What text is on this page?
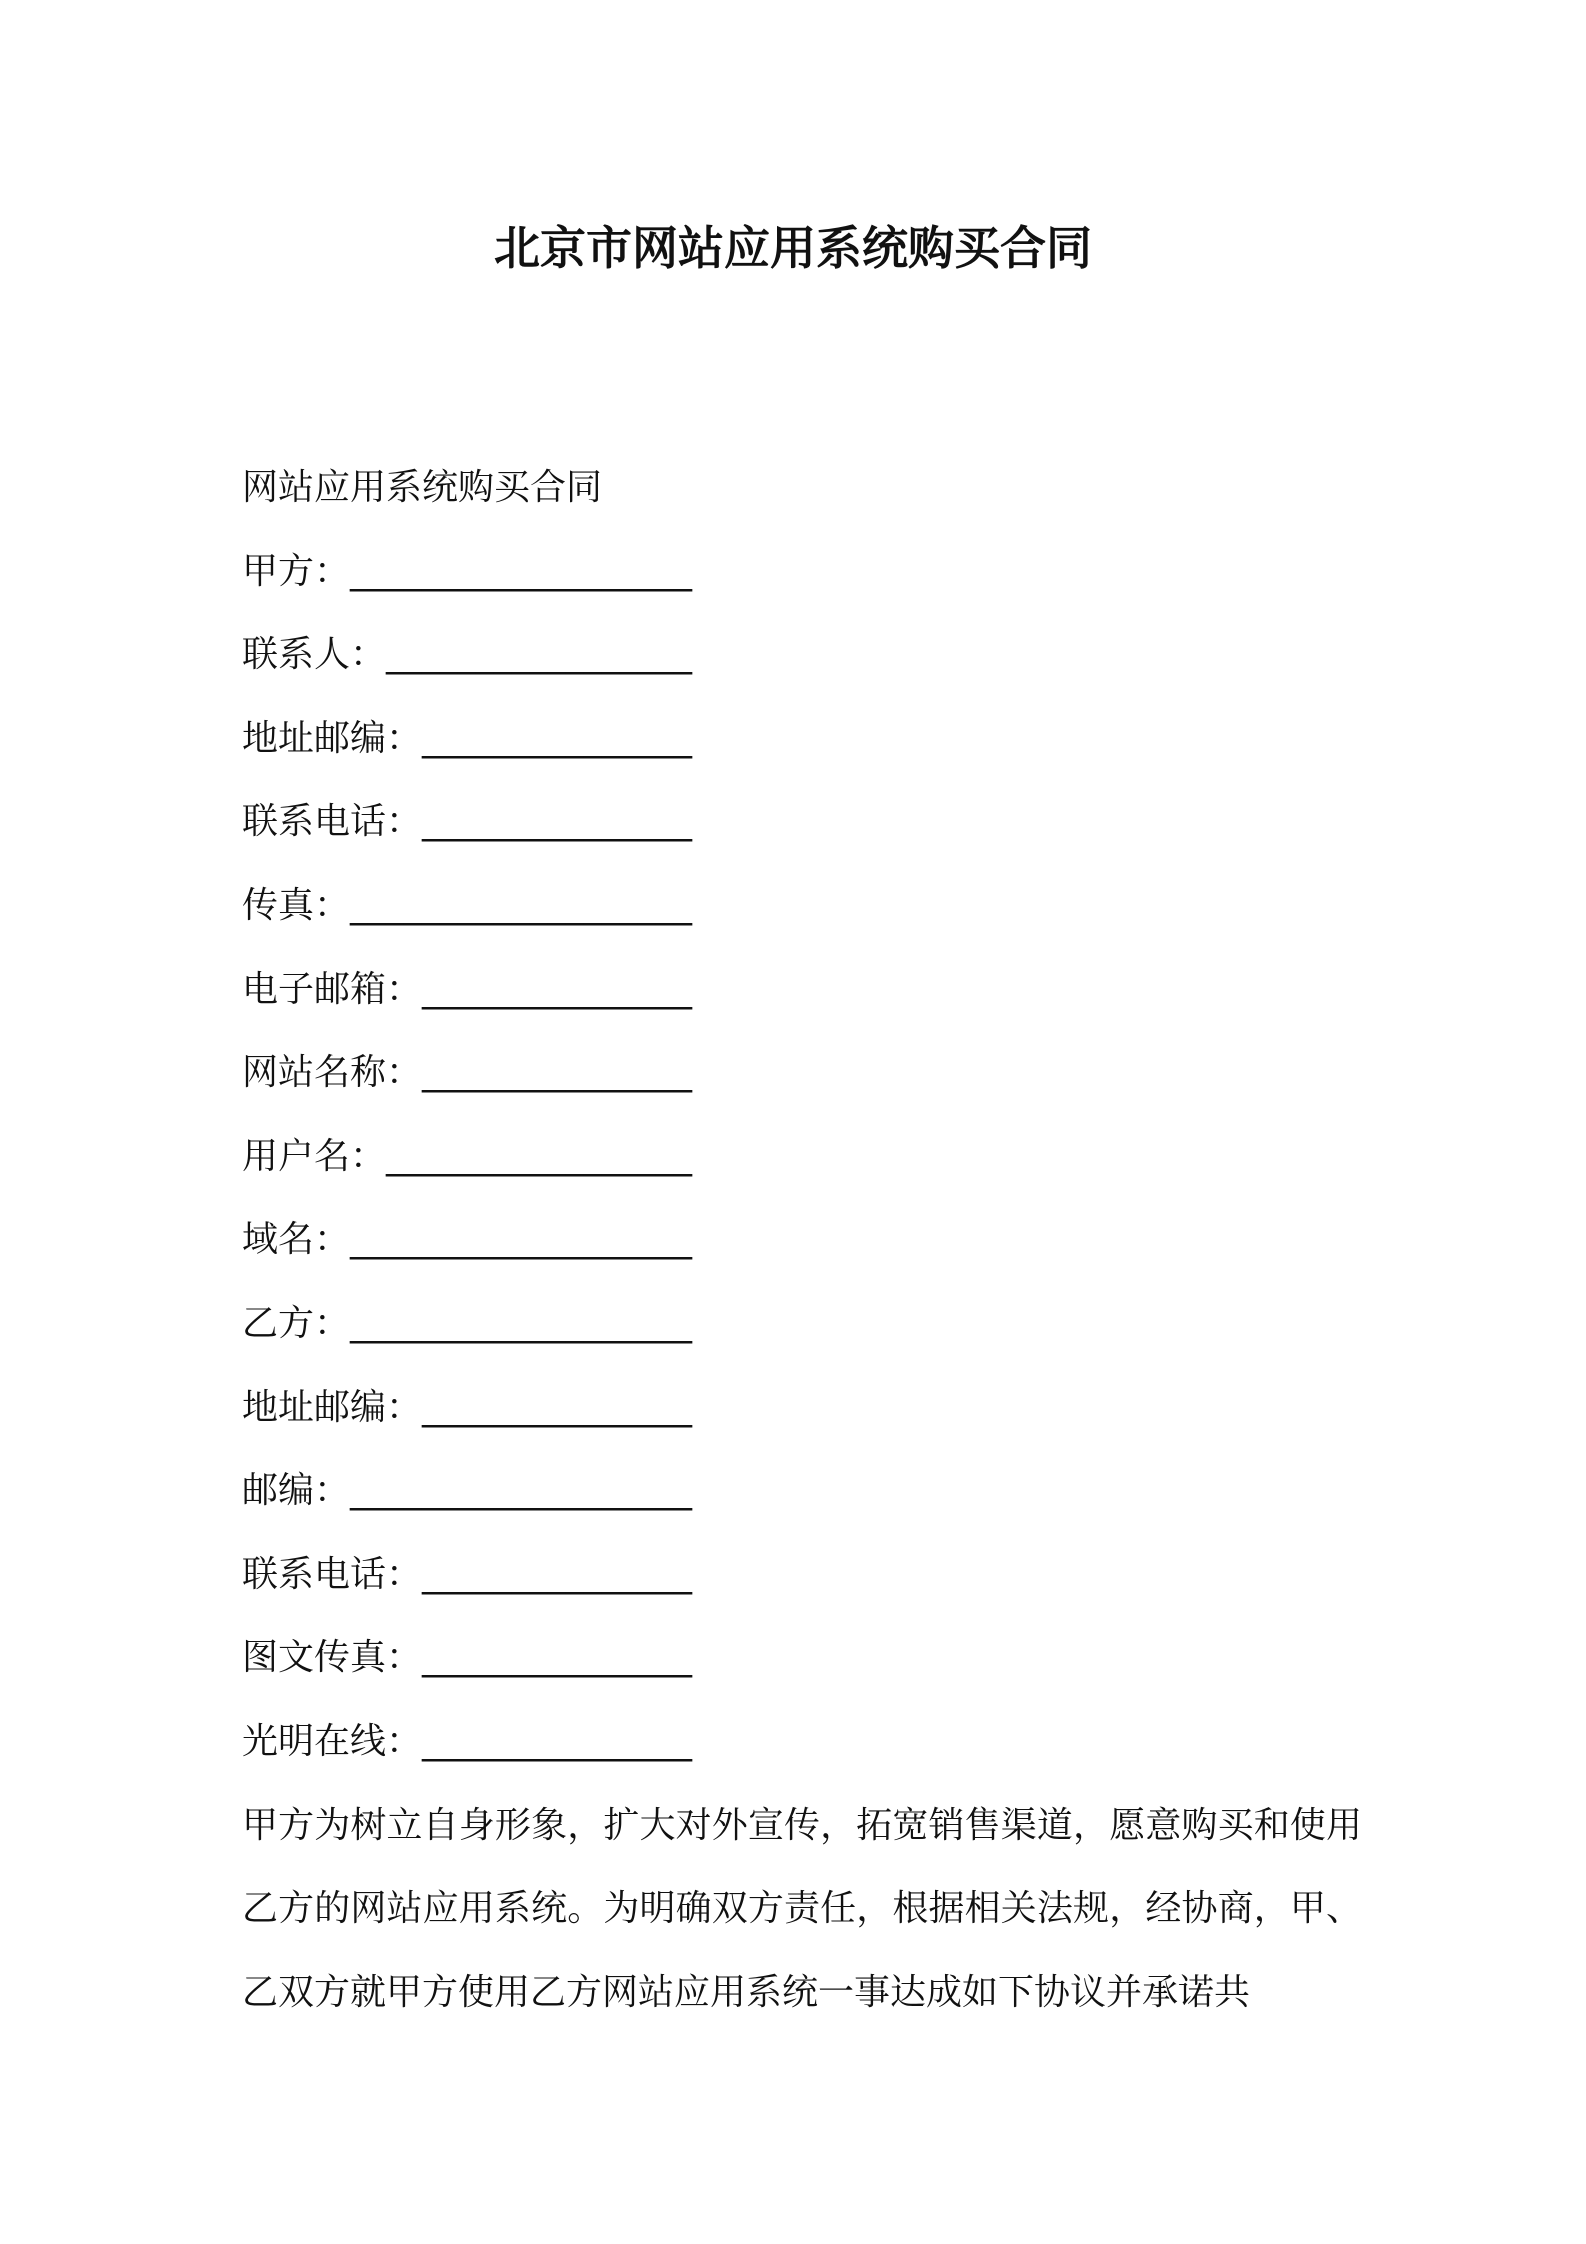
北京市网站应用系统购买合同
网站应用系统购买合同
甲方：___________________
联系人：_________________
地址邮编：_______________
联系电话：_______________
传真：___________________
电子邮箱：_______________
网站名称：_______________
用户名：_________________
域名：___________________
乙方：___________________
地址邮编：_______________
邮编：___________________
联系电话：_______________
图文传真：_______________
光明在线：_______________
甲方为树立自身形象，扩大对外宣传，拓宽销售渠道，愿意购买和使用乙方的网站应用系统。为明确双方责任，根据相关法规，经协商，甲、乙双方就甲方使用乙方网站应用系统一事达成如下协议并承诺共
